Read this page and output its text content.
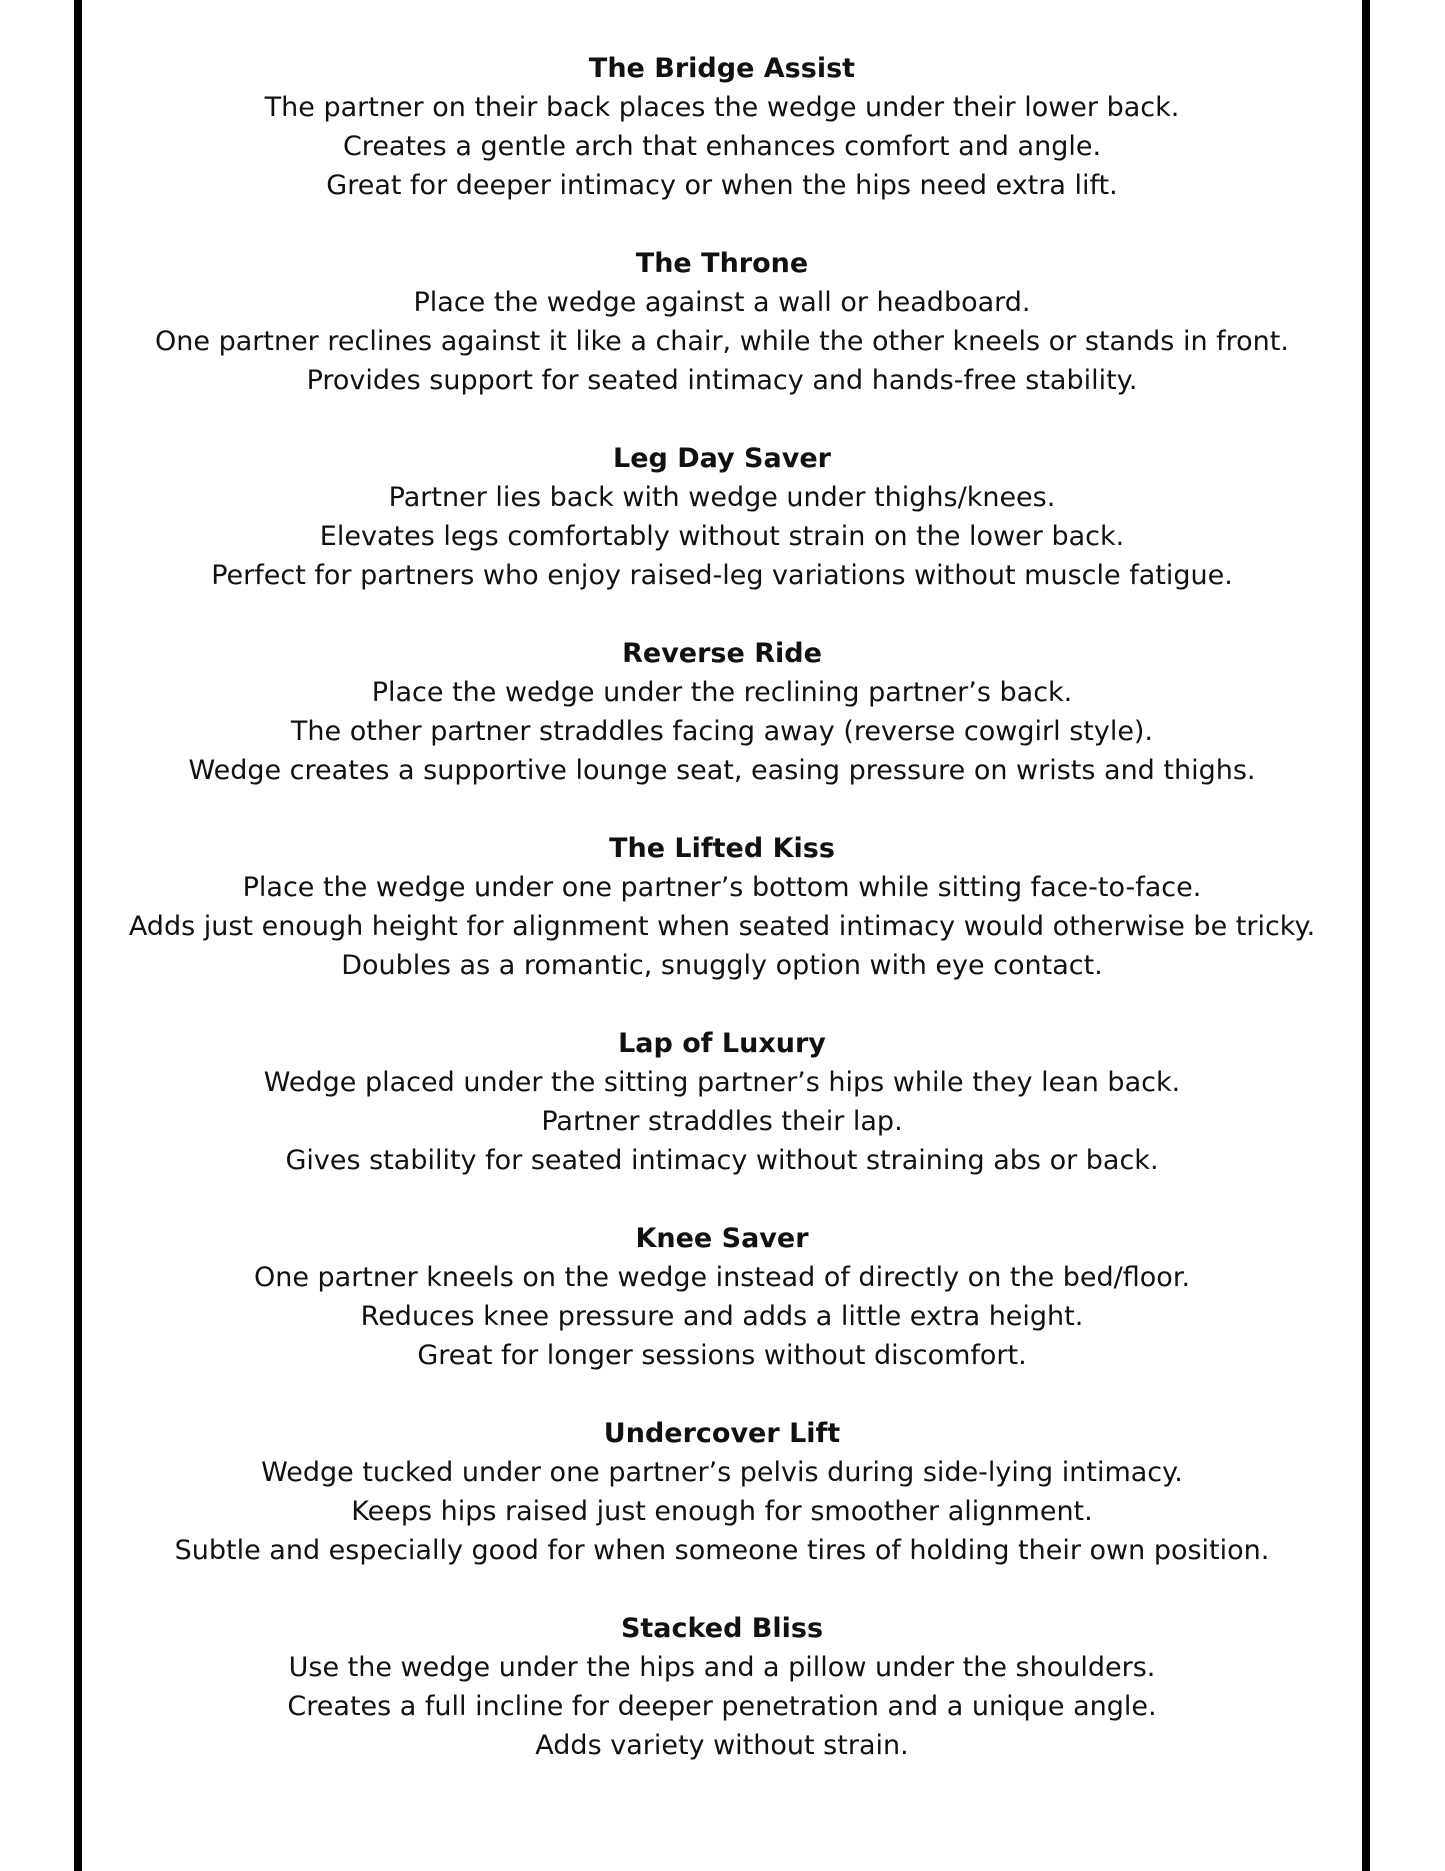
The Bridge Assist

The partner on their back places the wedge under their lower back.

Creates a gentle arch that enhances comfort and angle.

Great for deeper intimacy or when the hips need extra lift.

The Throne

Place the wedge against a wall or headboard.

One partner reclines against it like a chair, while the other kneels or stands in front.

Provides support for seated intimacy and hands-free stability.

Leg Day Saver

Partner lies back with wedge under thighs/knees.

Elevates legs comfortably without strain on the lower back.

Perfect for partners who enjoy raised-leg variations without muscle fatigue.

Reverse Ride

Place the wedge under the reclining partner’s back.

The other partner straddles facing away (reverse cowgirl style).

Wedge creates a supportive lounge seat, easing pressure on wrists and thighs.

The Lifted Kiss

Place the wedge under one partner’s bottom while sitting face-to-face.

Adds just enough height for alignment when seated intimacy would otherwise be tricky.

Doubles as a romantic, snuggly option with eye contact.

Lap of Luxury

Wedge placed under the sitting partner’s hips while they lean back.

Partner straddles their lap.

Gives stability for seated intimacy without straining abs or back.

Knee Saver

One partner kneels on the wedge instead of directly on the bed/floor.

Reduces knee pressure and adds a little extra height.

Great for longer sessions without discomfort.

Undercover Lift

Wedge tucked under one partner’s pelvis during side-lying intimacy.

Keeps hips raised just enough for smoother alignment.

Subtle and especially good for when someone tires of holding their own position.

Stacked Bliss

Use the wedge under the hips and a pillow under the shoulders.

Creates a full incline for deeper penetration and a unique angle.

Adds variety without strain.
